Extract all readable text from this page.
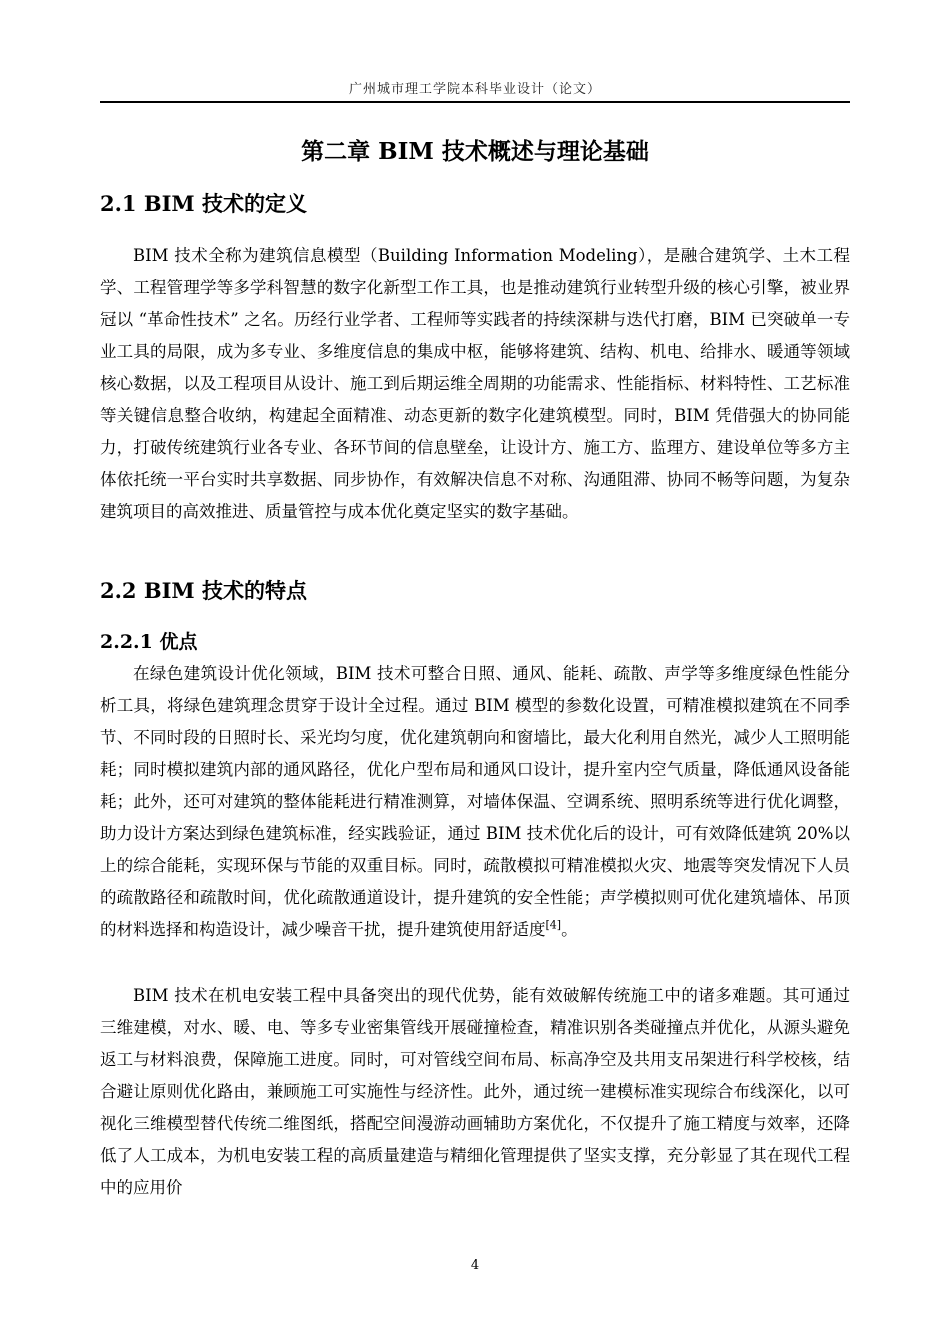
广州城市理工学院本科毕业设计（论文）
第二章 BIM 技术概述与理论基础
2.1 BIM 技术的定义

BIM 技术全称为建筑信息模型（Building Information Modeling），是融合建筑学、土木工程学、工程管理学等多学科智慧的数字化新型工作工具，也是推动建筑行业转型升级的核心引擎，被业界冠以 “革命性技术” 之名。历经行业学者、工程师等实践者的持续深耕与迭代打磨，BIM 已突破单一专业工具的局限，成为多专业、多维度信息的集成中枢，能够将建筑、结构、机电、给排水、暖通等领域核心数据，以及工程项目从设计、施工到后期运维全周期的功能需求、性能指标、材料特性、工艺标准等关键信息整合收纳，构建起全面精准、动态更新的数字化建筑模型。同时，BIM 凭借强大的协同能力，打破传统建筑行业各专业、各环节间的信息壁垒，让设计方、施工方、监理方、建设单位等多方主体依托统一平台实时共享数据、同步协作，有效解决信息不对称、沟通阻滞、协同不畅等问题，为复杂建筑项目的高效推进、质量管控与成本优化奠定坚实的数字基础。

2.2 BIM 技术的特点
2.2.1 优点

在绿色建筑设计优化领域，BIM 技术可整合日照、通风、能耗、疏散、声学等多维度绿色性能分析工具，将绿色建筑理念贯穿于设计全过程。通过 BIM 模型的参数化设置，可精准模拟建筑在不同季节、不同时段的日照时长、采光均匀度，优化建筑朝向和窗墙比，最大化利用自然光，减少人工照明能耗；同时模拟建筑内部的通风路径，优化户型布局和通风口设计，提升室内空气质量，降低通风设备能耗；此外，还可对建筑的整体能耗进行精准测算，对墙体保温、空调系统、照明系统等进行优化调整，助力设计方案达到绿色建筑标准，经实践验证，通过 BIM 技术优化后的设计，可有效降低建筑 20%以上的综合能耗，实现环保与节能的双重目标。同时，疏散模拟可精准模拟火灾、地震等突发情况下人员的疏散路径和疏散时间，优化疏散通道设计，提升建筑的安全性能；声学模拟则可优化建筑墙体、吊顶的材料选择和构造设计，减少噪音干扰，提升建筑使用舒适度[4]。

BIM 技术在机电安装工程中具备突出的现代优势，能有效破解传统施工中的诸多难题。其可通过三维建模，对水、暖、电、等多专业密集管线开展碰撞检查，精准识别各类碰撞点并优化，从源头避免返工与材料浪费，保障施工进度。同时，可对管线空间布局、标高净空及共用支吊架进行科学校核，结合避让原则优化路由，兼顾施工可实施性与经济性。此外，通过统一建模标准实现综合布线深化，以可视化三维模型替代传统二维图纸，搭配空间漫游动画辅助方案优化，不仅提升了施工精度与效率，还降低了人工成本，为机电安装工程的高质量建造与精细化管理提供了坚实支撑，充分彰显了其在现代工程中的应用价

4
